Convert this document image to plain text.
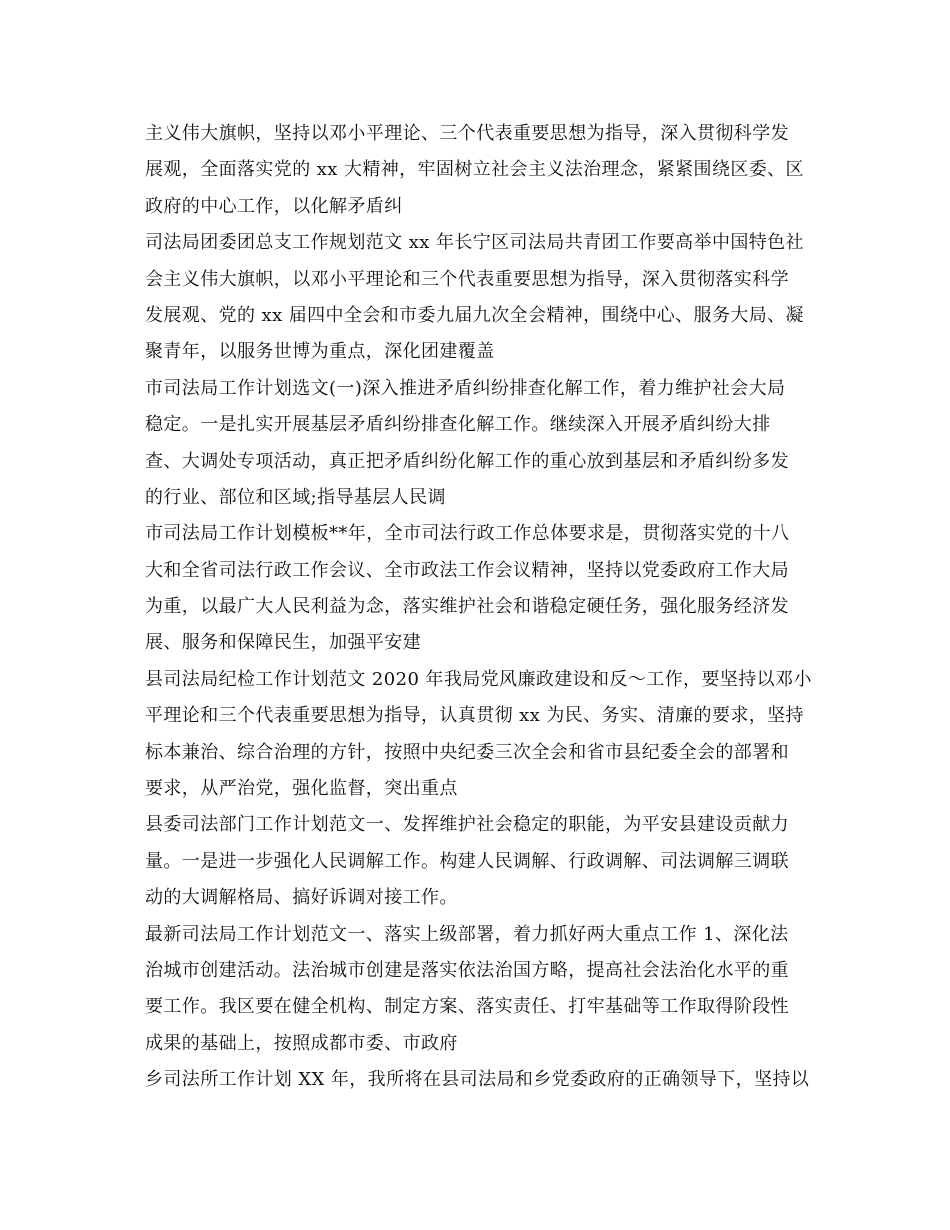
主义伟大旗帜，坚持以邓小平理论、三个代表重要思想为指导，深入贯彻科学发
展观，全面落实党的 xx 大精神，牢固树立社会主义法治理念，紧紧围绕区委、区
政府的中心工作，以化解矛盾纠
司法局团委团总支工作规划范文 xx 年长宁区司法局共青团工作要高举中国特色社
会主义伟大旗帜，以邓小平理论和三个代表重要思想为指导，深入贯彻落实科学
发展观、党的 xx 届四中全会和市委九届九次全会精神，围绕中心、服务大局、凝
聚青年，以服务世博为重点，深化团建覆盖
市司法局工作计划选文(一)深入推进矛盾纠纷排查化解工作，着力维护社会大局
稳定。一是扎实开展基层矛盾纠纷排查化解工作。继续深入开展矛盾纠纷大排
查、大调处专项活动，真正把矛盾纠纷化解工作的重心放到基层和矛盾纠纷多发
的行业、部位和区域;指导基层人民调
市司法局工作计划模板**年，全市司法行政工作总体要求是，贯彻落实党的十八
大和全省司法行政工作会议、全市政法工作会议精神，坚持以党委政府工作大局
为重，以最广大人民利益为念，落实维护社会和谐稳定硬任务，强化服务经济发
展、服务和保障民生，加强平安建
县司法局纪检工作计划范文 2020 年我局党风廉政建设和反～工作，要坚持以邓小
平理论和三个代表重要思想为指导，认真贯彻 xx 为民、务实、清廉的要求，坚持
标本兼治、综合治理的方针，按照中央纪委三次全会和省市县纪委全会的部署和
要求，从严治党，强化监督，突出重点
县委司法部门工作计划范文一、发挥维护社会稳定的职能，为平安县建设贡献力
量。一是进一步强化人民调解工作。构建人民调解、行政调解、司法调解三调联
动的大调解格局、搞好诉调对接工作。
最新司法局工作计划范文一、落实上级部署，着力抓好两大重点工作 1、深化法
治城市创建活动。法治城市创建是落实依法治国方略，提高社会法治化水平的重
要工作。我区要在健全机构、制定方案、落实责任、打牢基础等工作取得阶段性
成果的基础上，按照成都市委、市政府
乡司法所工作计划 XX 年，我所将在县司法局和乡党委政府的正确领导下，坚持以
